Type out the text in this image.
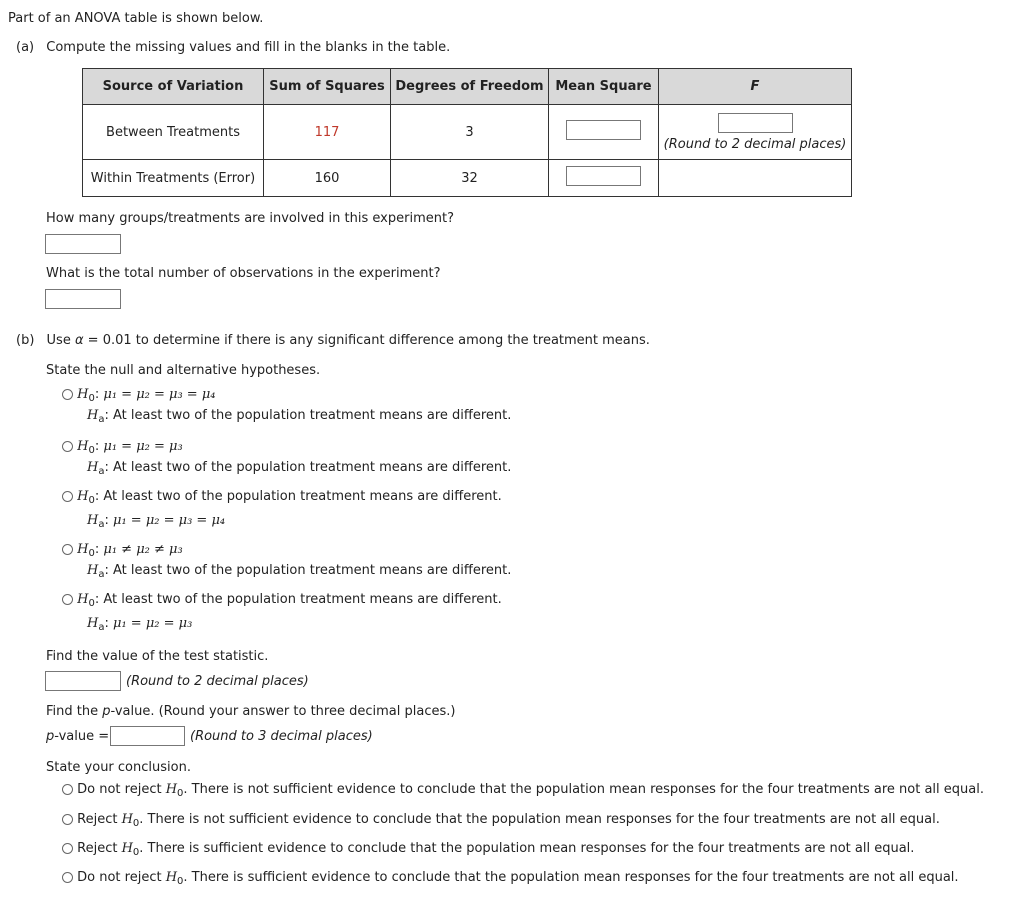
Part of an ANOVA table is shown below.
(a) Compute the missing values and fill in the blanks in the table.
Source of Variation	Sum of Squares	Degrees of Freedom	Mean Square	F
Between Treatments	117	3		(Round to 2 decimal places)
Within Treatments (Error)	160	32		
How many groups/treatments are involved in this experiment?
What is the total number of observations in the experiment?
(b) Use α = 0.01 to determine if there is any significant difference among the treatment means.
State the null and alternative hypotheses.
$H_0$: μ₁ = μ₂ = μ₃ = μ₄
$H_a$: At least two of the population treatment means are different.
$H_0$: μ₁ = μ₂ = μ₃
$H_a$: At least two of the population treatment means are different.
$H_0$: At least two of the population treatment means are different.
$H_a$: μ₁ = μ₂ = μ₃ = μ₄
$H_0$: μ₁ ≠ μ₂ ≠ μ₃
$H_a$: At least two of the population treatment means are different.
$H_0$: At least two of the population treatment means are different.
$H_a$: μ₁ = μ₂ = μ₃
Find the value of the test statistic.
(Round to 2 decimal places)
Find the p-value. (Round your answer to three decimal places.)
p-value =	(Round to 3 decimal places)
State your conclusion.
Do not reject $H_0$. There is not sufficient evidence to conclude that the population mean responses for the four treatments are not all equal.
Reject $H_0$. There is not sufficient evidence to conclude that the population mean responses for the four treatments are not all equal.
Reject $H_0$. There is sufficient evidence to conclude that the population mean responses for the four treatments are not all equal.
Do not reject $H_0$. There is sufficient evidence to conclude that the population mean responses for the four treatments are not all equal.
